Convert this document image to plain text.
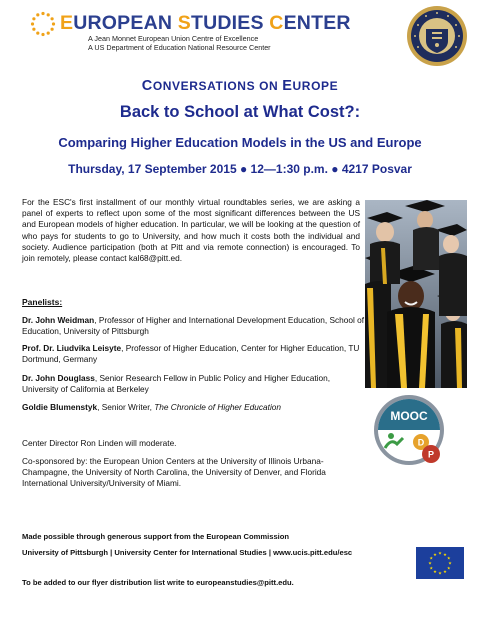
EUROPEAN STUDIES CENTER
A Jean Monnet European Union Centre of Excellence
A US Department of Education National Resource Center
CONVERSATIONS ON EUROPE
Back to School at What Cost?:
Comparing Higher Education Models in the US and Europe
Thursday, 17 September 2015 ● 12—1:30 p.m. ● 4217 Posvar
For the ESC's first installment of our monthly virtual roundtables series, we are asking a panel of experts to reflect upon some of the most significant differences between the US and European models of higher education. In particular, we will be looking at the question of who pays for students to go to University, and how much it costs both the individual and society. Audience participation (both at Pitt and via remote connection) is encouraged. To join remotely, please contact kal68@pitt.ed.
Panelists:
Dr. John Weidman, Professor of Higher and International Development Education, School of Education, University of Pittsburgh
Prof. Dr. Liudvika Leisyte, Professor of Higher Education, Center for Higher Education, TU Dortmund, Germany
Dr. John Douglass, Senior Research Fellow in Public Policy and Higher Education, University of California at Berkeley
Goldie Blumenstyk, Senior Writer, The Chronicle of Higher Education
MOOC
D
P
Center Director Ron Linden will moderate.
Co-sponsored by: the European Union Centers at the University of Illinois Urbana-Champagne, the University of North Carolina, the University of Denver, and Florida International University/University of Miami.
Made possible through generous support from the European Commission
University of Pittsburgh | University Center for International Studies | www.ucis.pitt.edu/esc
To be added to our flyer distribution list write to europeanstudies@pitt.edu.
★ ★
★
★
★
★
★
★
★
★
★
★
